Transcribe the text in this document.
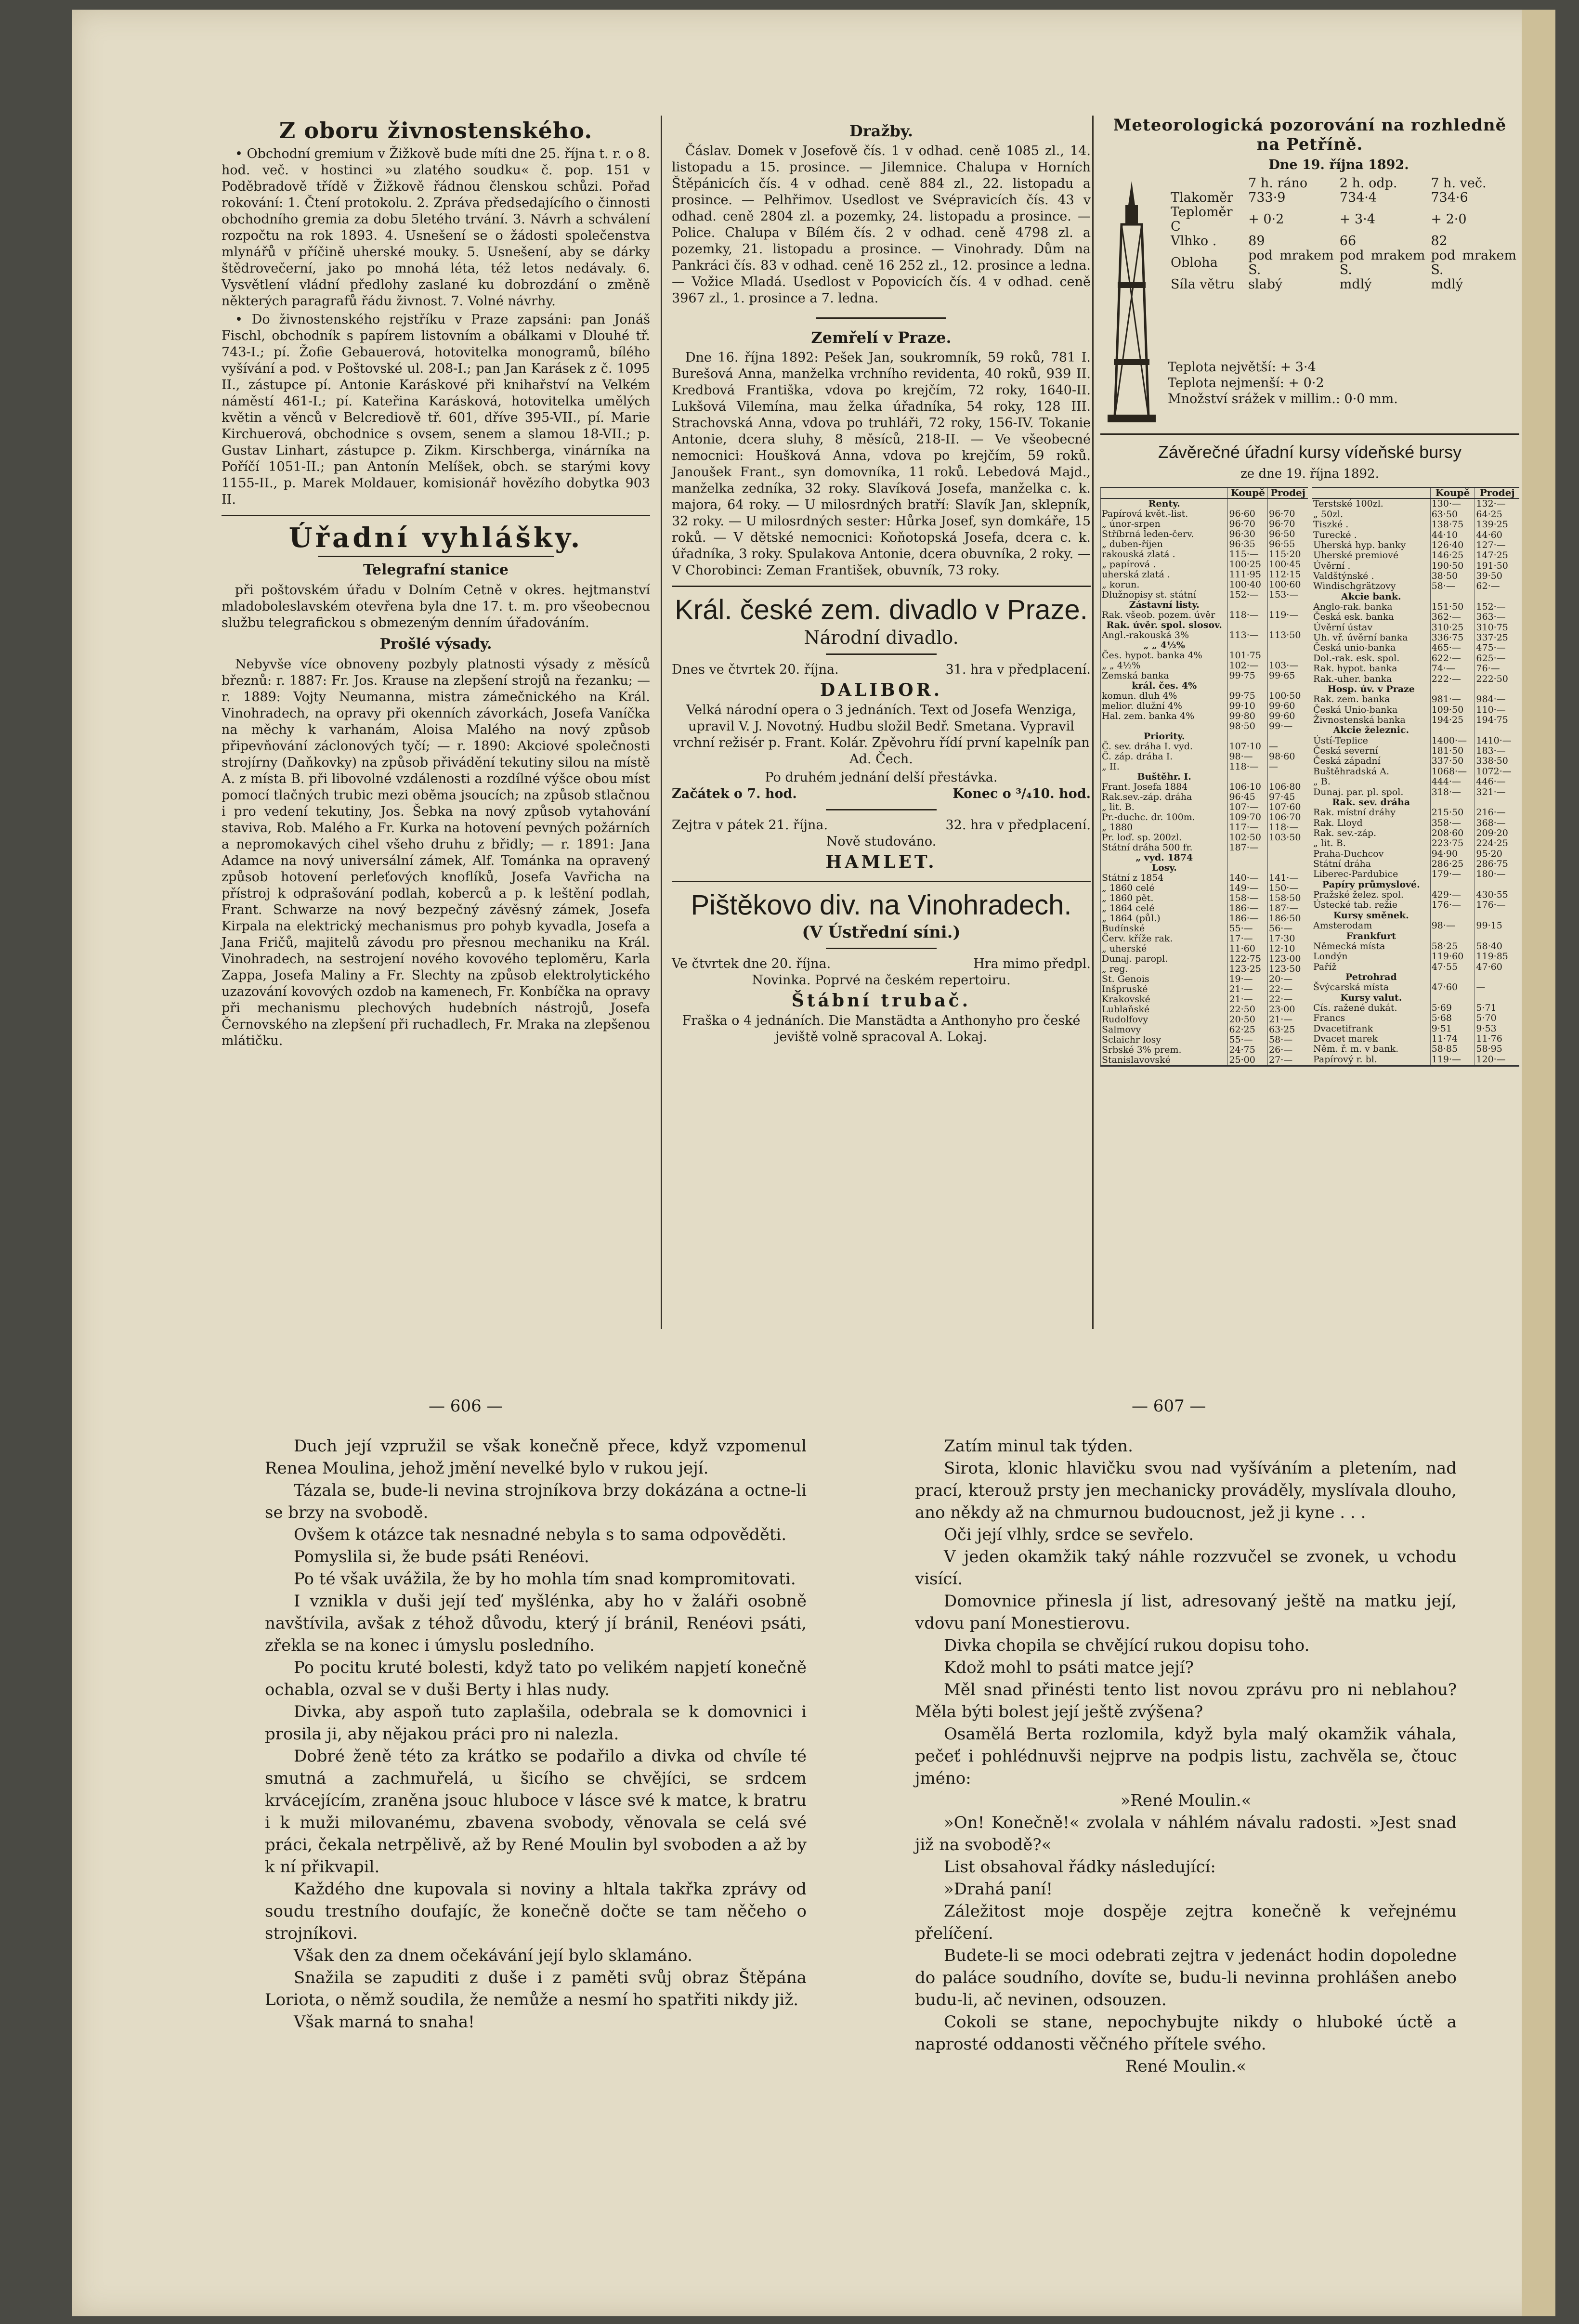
Z oboru živnostenského.

• Obchodní gremium v Žižkově bude míti dne 25. října t. r. o 8. hod. več. v hostinci »u zlatého soudku« č. pop. 151 v Poděbradově třídě v Žižkově řádnou členskou schůzi. Pořad rokování: 1. Čtení protokolu. 2. Zpráva předsedajícího o činnosti obchodního gremia za dobu 5letého trvání. 3. Návrh a schválení rozpočtu na rok 1893. 4. Usnešení se o žádosti společenstva mlynářů v příčině uherské mouky. 5. Usnešení, aby se dárky štědrovečerní, jako po mnohá léta, též letos nedávaly. 6. Vysvětlení vládní předlohy zaslané ku dobrozdání o změně některých paragrafů řádu živnost. 7. Volné návrhy.

• Do živnostenského rejstříku v Praze zapsáni: pan Jonáš Fischl, obchodník s papírem listovním a obálkami v Dlouhé tř. 743-I.; pí. Žofie Gebauerová, hotovitelka monogramů, bílého vyšívání a pod. v Poštovské ul. 208-I.; pan Jan Karásek z č. 1095 II., zástupce pí. Antonie Karáskové při knihařství na Velkém náměstí 461-I.; pí. Kateřina Karásková, hotovitelka umělých květin a věnců v Belcrediově tř. 601, dříve 395-VII., pí. Marie Kirchuerová, obchodnice s ovsem, senem a slamou 18-VII.; p. Gustav Linhart, zástupce p. Zikm. Kirschberga, vinárníka na Poříčí 1051-II.; pan Antonín Melíšek, obch. se starými kovy 1155-II., p. Marek Moldauer, komisionář hovězího dobytka 903 II.

Úřadní vyhlášky.
Telegrafní stanice

při poštovském úřadu v Dolním Cetně v okres. hejtmanství mladoboleslavském otevřena byla dne 17. t. m. pro všeobecnou službu telegrafickou s obmezeným denním úřadováním.

Prošlé výsady.

Nebyvše více obnoveny pozbyly platnosti výsady z měsíců březnů: r. 1887: Fr. Jos. Krause na zlepšení strojů na řezanku; — r. 1889: Vojty Neumanna, mistra zámečnického na Král. Vinohradech, na opravy při okenních závorkách, Josefa Vaníčka na měchy k varhanám, Aloisa Malého na nový způsob připevňování záclonových tyčí; — r. 1890: Akciové společnosti strojírny (Daňkovky) na způsob přivádění tekutiny silou na místě A. z místa B. při libovolné vzdálenosti a rozdílné výšce obou míst pomocí tlačných trubic mezi oběma jsoucích; na způsob stlačnou i pro vedení tekutiny, Jos. Šebka na nový způsob vytahování staviva, Rob. Malého a Fr. Kurka na hotovení pevných požárních a nepromokavých cihel všeho druhu z břidly; — r. 1891: Jana Adamce na nový universální zámek, Alf. Tománka na opravený způsob hotovení perleťových knoflíků, Josefa Vavřicha na přístroj k odprašování podlah, koberců a p. k leštění podlah, Frant. Schwarze na nový bezpečný závěsný zámek, Josefa Kirpala na elektrický mechanismus pro pohyb kyvadla, Josefa a Jana Fričů, majitelů závodu pro přesnou mechaniku na Král. Vinohradech, na sestrojení nového kovového teploměru, Karla Zappa, Josefa Maliny a Fr. Slechty na způsob elektrolytického uzazování kovových ozdob na kamenech, Fr. Konbíčka na opravy při mechanismu plechových hudebních nástrojů, Josefa Černovského na zlepšení při ruchadlech, Fr. Mraka na zlepšenou mlátičku.

Dražby.

Čáslav. Domek v Josefově čís. 1 v odhad. ceně 1085 zl., 14. listopadu a 15. prosince. — Jilemnice. Chalupa v Horních Štěpánicích čís. 4 v odhad. ceně 884 zl., 22. listopadu a prosince. — Pelhřimov. Usedlost ve Svépravicích čís. 43 v odhad. ceně 2804 zl. a pozemky, 24. listopadu a prosince. — Police. Chalupa v Bílém čís. 2 v odhad. ceně 4798 zl. a pozemky, 21. listopadu a prosince. — Vinohrady. Dům na Pankráci čís. 83 v odhad. ceně 16 252 zl., 12. prosince a ledna. — Vožice Mladá. Usedlost v Popovicích čís. 4 v odhad. ceně 3967 zl., 1. prosince a 7. ledna.

Zemřelí v Praze.

Dne 16. října 1892: Pešek Jan, soukromník, 59 roků, 781 I. Burešová Anna, manželka vrchního revidenta, 40 roků, 939 II. Kredbová Františka, vdova po krejčím, 72 roky, 1640-II. Lukšová Vilemína, mau želka úřadníka, 54 roky, 128 III. Strachovská Anna, vdova po truhláři, 72 roky, 156-IV. Tokanie Antonie, dcera sluhy, 8 měsíců, 218-II. — Ve všeobecné nemocnici: Houšková Anna, vdova po krejčím, 59 roků. Janoušek Frant., syn domovníka, 11 roků. Lebedová Majd., manželka zedníka, 32 roky. Slavíková Josefa, manželka c. k. majora, 64 roky. — U milosrdných bratří: Slavík Jan, sklepník, 32 roky. — U milosrdných sester: Hůrka Josef, syn domkáře, 15 roků. — V dětské nemocnici: Koňotopská Josefa, dcera c. k. úřadníka, 3 roky. Spulakova Antonie, dcera obuvníka, 2 roky. — V Chorobinci: Zeman František, obuvník, 73 roky.

Král. české zem. divadlo v Praze.
Národní divadlo.
Dnes ve čtvrtek 20. října.	31. hra v předplacení.
DALIBOR.

Velká národní opera o 3 jednáních. Text od Josefa Wenziga, upravil V. J. Novotný. Hudbu složil Bedř. Smetana. Vypravil vrchní režisér p. Frant. Kolár. Zpěvohru řídí první kapelník pan Ad. Čech.

Po druhém jednání delší přestávka.
Začátek o 7. hod.	Konec o ³/₄10. hod.
Zejtra v pátek 21. října.	32. hra v předplacení.
Nově studováno.
HAMLET.
Pištěkovo div. na Vinohradech.
(V Ústřední síni.)
Ve čtvrtek dne 20. října.	Hra mimo předpl.
Novinka. Poprvé na českém repertoiru.
Štábní trubač.

Fraška o 4 jednáních. Die Manstädta a Anthonyho pro české jeviště volně spracoval A. Lokaj.

Meteorologická pozorování na rozhledně na Petříně.
Dne 19. října 1892.
	7 h. ráno	2 h. odp.	7 h. več.
Tlakoměr	733·9	734·4	734·6
Teploměr C	+ 0·2	+ 3·4	+ 2·0
Vlhko .	89	66	82
Obloha	pod mrakem S.	pod mrakem S.	pod mrakem S.
Síla větru	slabý	mdlý	mdlý
Teplota největší: + 3·4
Teplota nejmenší: + 0·2
Množství srážek v millim.: 0·0 mm.
Závěrečné úřadní kursy vídeňské bursy
ze dne 19. října 1892.
	Koupě	Prodej
Renty.		
Papírová květ.-list.	96·60	96·70
„ únor-srpen	96·70	96·70
Stříbrná leden-červ.	96·30	96·50
„ duben-říjen	96·35	96·55
rakouská zlatá .	115·—	115·20
„ papírová .	100·25	100·45
uherská zlatá .	111·95	112·15
„ korun.	100·40	100·60
Dlužnopisy st. státní	152·—	153·—
Zástavní listy.		
Rak. všeob. pozem. úvěr	118·—	119·—
Rak. úvěr. spol. slosov.		
Angl.-rakouská 3%	113·—	113·50
„ „ 4½%		
Čes. hypot. banka 4%	101·75	
„ „ 4½%	102·—	103·—
Zemská banka	99·75	99·65
král. čes. 4%		
komun. dluh 4%	99·75	100·50
melior. dlužní 4%	99·10	99·60
Hal. zem. banka 4%	99·80	99·60
	98·50	99·—
Priority.		
Č. sev. dráha I. vyd.	107·10	—
Č. záp. dráha I.	98·—	98·60
„ II.	118·—	—
Buštěhr. I.		
Frant. Josefa 1884	106·10	106·80
Rak.sev.-záp. dráha	96·45	97·45
„ lit. B.	107·—	107·60
Pr.-duchc. dr. 100m.	109·70	106·70
„ 1880	117·—	118·—
Pr. loď. sp. 200zl.	102·50	103·50
Státní dráha 500 fr.	187·—	
„ vyd. 1874		
Losy.		
Státní z 1854	140·—	141·—
„ 1860 celé	149·—	150·—
„ 1860 pět.	158·—	158·50
„ 1864 celé	186·—	187·—
„ 1864 (půl.)	186·—	186·50
Budínské	55·—	56·—
Červ. kříže rak.	17·—	17·30
„ uherské	11·60	12·10
Dunaj. paropl.	122·75	123·00
„ reg.	123·25	123·50
St. Genois	19·—	20·—
Inšpruské	21·—	22·—
Krakovské	21·—	22·—
Lublaňské	22·50	23·00
Rudolfovy	20·50	21·—
Salmovy	62·25	63·25
Sclaichr losy	55·—	58·—
Srbské 3% prem.	24·75	26·—
Stanislavovské	25·00	27·—
	Koupě	Prodej
Terstské 100zl.	130·—	132·—
„ 50zl.	63·50	64·25
Tiszké .	138·75	139·25
Turecké .	44·10	44·60
Uherská hyp. banky	126·40	127·—
Uherské premiové	146·25	147·25
Úvěrní .	190·50	191·50
Valdštýnské .	38·50	39·50
Windischgrätzovy	58·—	62·—
Akcie bank.		
Anglo-rak. banka	151·50	152·—
Česká esk. banka	362·—	363·—
Úvěrní ústav	310·25	310·75
Uh. vř. úvěrní banka	336·75	337·25
Česká unio-banka	465·—	475·—
Dol.-rak. esk. spol.	622·—	625·—
Rak. hypot. banka	74·—	76·—
Rak.-uher. banka	222·—	222·50
Hosp. úv. v Praze		
Rak. zem. banka	981·—	984·—
Česká Unio-banka	109·50	110·—
Živnostenská banka	194·25	194·75
Akcie železnic.		
Ústí-Teplice	1400·—	1410·—
Česká severní	181·50	183·—
Česká západní	337·50	338·50
Buštěhradská A.	1068·—	1072·—
„ B.	444·—	446·—
Dunaj. par. pl. spol.	318·—	321·—
Rak. sev. dráha		
Rak. místní dráhy	215·50	216·—
Rak. Lloyd	358·—	368·—
Rak. sev.-záp.	208·60	209·20
„ lit. B.	223·75	224·25
Praha-Duchcov	94·90	95·20
Státní dráha	286·25	286·75
Liberec-Pardubice	179·—	180·—
Papíry průmyslové.		
Pražské želez. spol.	429·—	430·55
Ústecké tab. režie	176·—	176·—
Kursy směnek.		
Amsterodam	98·—	99·15
Frankfurt		
Německá místa	58·25	58·40
Londýn	119·60	119·85
Paříž	47·55	47·60
Petrohrad		
Švýcarská místa	47·60	—
Kursy valut.		
Cís. ražené dukát.	5·69	5·71
Francs	5·68	5·70
Dvacetifrank	9·51	9·53
Dvacet marek	11·74	11·76
Něm. ř. m. v bank.	58·85	58·95
Papírový r. bl.	119·—	120·—
— 606 —	— 607 —

Duch její vzpružil se však konečně přece, když vzpomenul Renea Moulina, jehož jmění nevelké bylo v rukou její.

Tázala se, bude-li nevina strojníkova brzy dokázána a octne-li se brzy na svobodě.

Ovšem k otázce tak nesnadné nebyla s to sama odpověděti.

Pomyslila si, že bude psáti Renéovi.

Po té však uvážila, že by ho mohla tím snad kompromitovati.

I vznikla v duši její teď myšlénka, aby ho v žaláři osobně navštívila, avšak z téhož důvodu, který jí bránil, Renéovi psáti, zřekla se na konec i úmyslu posledního.

Po pocitu kruté bolesti, když tato po velikém napjetí konečně ochabla, ozval se v duši Berty i hlas nudy.

Divka, aby aspoň tuto zaplašila, odebrala se k domovnici i prosila ji, aby nějakou práci pro ni nalezla.

Dobré ženě této za krátko se podařilo a divka od chvíle té smutná a zachmuřelá, u šicího se chvějíci, se srdcem krvácejícím, zraněna jsouc hluboce v lásce své k matce, k bratru i k muži milovanému, zbavena svobody, věnovala se celá své práci, čekala netrpělivě, až by René Moulin byl svoboden a až by k ní přikvapil.

Každého dne kupovala si noviny a hltala takřka zprávy od soudu trestního doufajíc, že konečně dočte se tam něčeho o strojníkovi.

Však den za dnem očekávání její bylo sklamáno.

Snažila se zapuditi z duše i z paměti svůj obraz Štěpána Loriota, o němž soudila, že nemůže a nesmí ho spatřiti nikdy již.

Však marná to snaha!

Zatím minul tak týden.

Sirota, klonic hlavičku svou nad vyšíváním a pletením, nad prací, kterouž prsty jen mechanicky prováděly, myslívala dlouho, ano někdy až na chmurnou budoucnost, jež ji kyne . . .

Oči její vlhly, srdce se sevřelo.

V jeden okamžik taký náhle rozzvučel se zvonek, u vchodu visící.

Domovnice přinesla jí list, adresovaný ještě na matku její, vdovu paní Monestierovu.

Divka chopila se chvějící rukou dopisu toho.

Kdož mohl to psáti matce její?

Měl snad přinésti tento list novou zprávu pro ni neblahou? Měla býti bolest její ještě zvýšena?

Osamělá Berta rozlomila, když byla malý okamžik váhala, pečeť i pohlédnuvši nejprve na podpis listu, zachvěla se, čtouc jméno:

»René Moulin.«

»On! Konečně!« zvolala v náhlém návalu radosti. »Jest snad již na svobodě?«

List obsahoval řádky následující:

»Drahá paní!

Záležitost moje dospěje zejtra konečně k veřejnému přelíčení.

Budete-li se moci odebrati zejtra v jedenáct hodin dopoledne do paláce soudního, dovíte se, budu-li nevinna prohlášen anebo budu-li, ač nevinen, odsouzen.

Cokoli se stane, nepochybujte nikdy o hluboké úctě a naprosté oddanosti věčného přítele svého.

René Moulin.«
